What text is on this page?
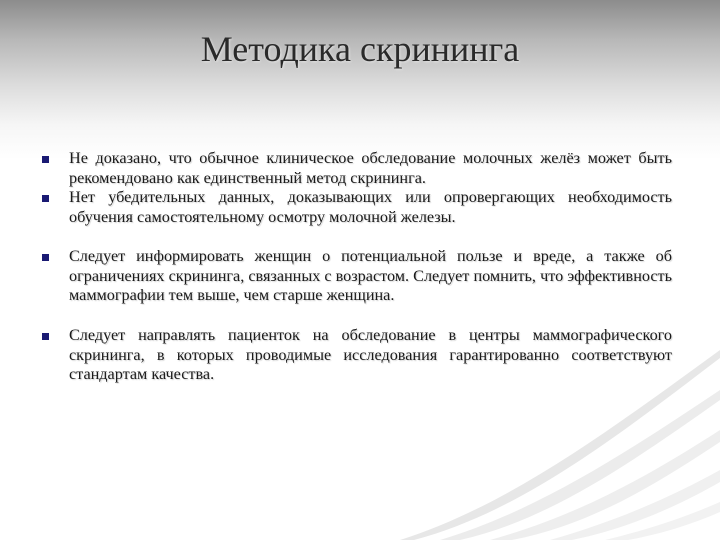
Методика скрининга
Не доказано, что обычное клиническое обследование молочных желёз может быть рекомендовано как единственный метод скрининга.
Нет убедительных данных, доказывающих или опровергающих необходимость обучения самостоятельному осмотру молочной железы.
Следует информировать женщин о потенциальной пользе и вреде, а также об ограничениях скрининга, связанных с возрастом. Следует помнить, что эффективность маммографии тем выше, чем старше женщина.
Следует направлять пациенток на обследование в центры маммографического скрининга, в которых проводимые исследования гарантированно соответствуют стандартам качества.
